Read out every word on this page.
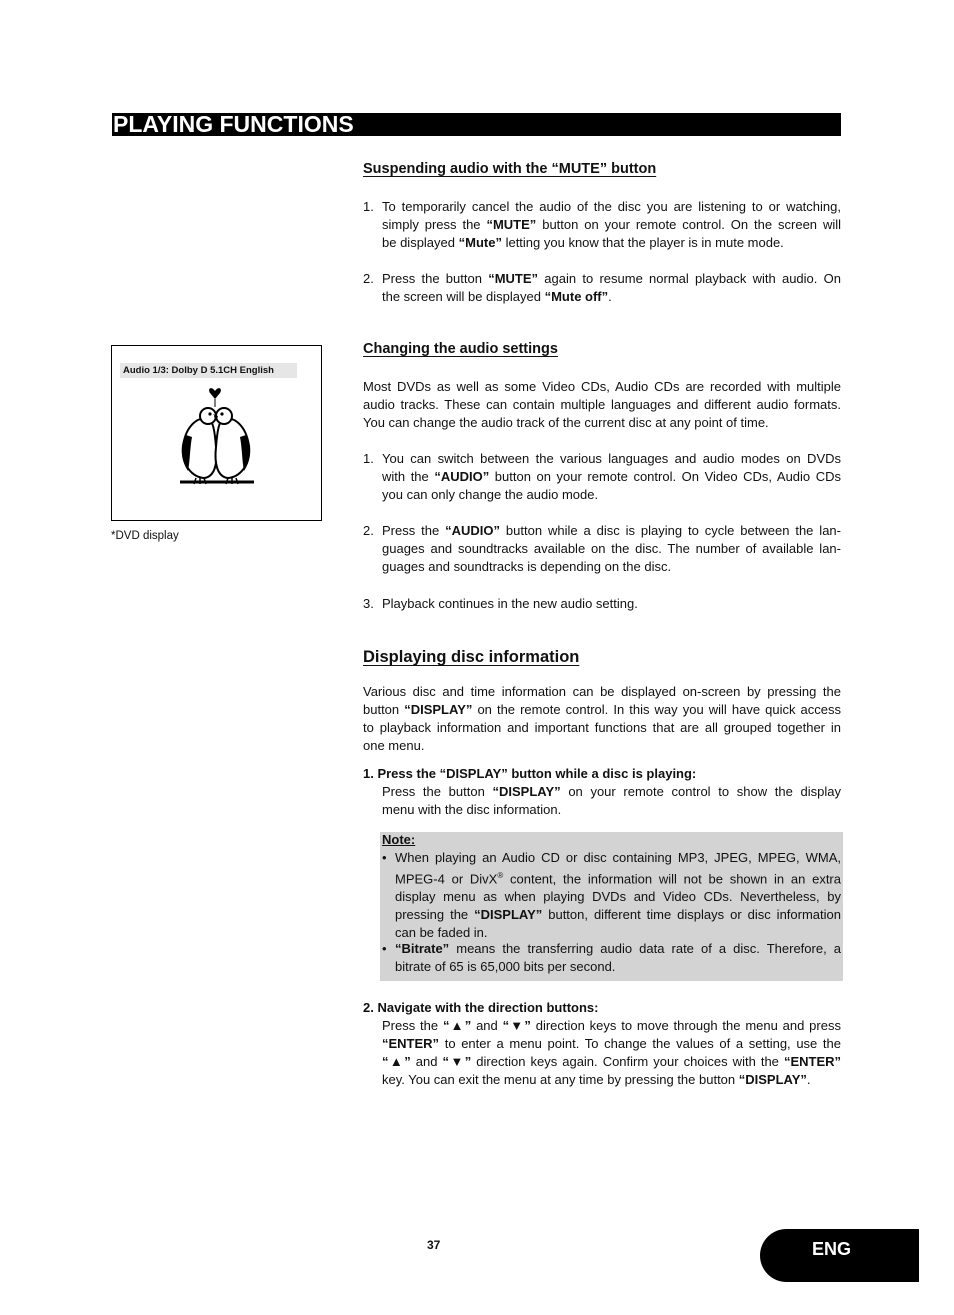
PLAYING FUNCTIONS
Suspending audio with the “MUTE” button
1. To temporarily cancel the audio of the disc you are listening to or watching,
simply press the “MUTE” button on your remote control. On the screen will
be displayed “Mute” letting you know that the player is in mute mode.
2. Press the button “MUTE” again to resume normal playback with audio. On
the screen will be displayed “Mute off”.
Audio 1/3: Dolby D 5.1CH English
*DVD display
Changing the audio settings
Most DVDs as well as some Video CDs, Audio CDs are recorded with multiple
audio tracks. These can contain multiple languages and different audio formats.
You can change the audio track of the current disc at any point of time.
1. You can switch between the various languages and audio modes on DVDs
with the “AUDIO” button on your remote control. On Video CDs, Audio CDs
you can only change the audio mode.
2. Press the “AUDIO” button while a disc is playing to cycle between the lan-
guages and soundtracks available on the disc. The number of available lan-
guages and soundtracks is depending on the disc.
3. Playback continues in the new audio setting.
Displaying disc information
Various disc and time information can be displayed on-screen by pressing the
button “DISPLAY” on the remote control. In this way you will have quick access
to playback information and important functions that are all grouped together in
one menu.
1. Press the “DISPLAY” button while a disc is playing:
Press the button “DISPLAY” on your remote control to show the display
menu with the disc information.
Note:
• When playing an Audio CD or disc containing MP3, JPEG, MPEG, WMA,
MPEG-4 or DivX® content, the information will not be shown in an extra
display menu as when playing DVDs and Video CDs. Nevertheless, by
pressing the “DISPLAY” button, different time displays or disc information
can be faded in.
• “Bitrate” means the transferring audio data rate of a disc. Therefore, a
bitrate of 65 is 65,000 bits per second.
2. Navigate with the direction buttons:
Press the “▲” and “▼” direction keys to move through the menu and press
“ENTER” to enter a menu point. To change the values of a setting, use the
“▲” and “▼” direction keys again. Confirm your choices with the “ENTER”
key. You can exit the menu at any time by pressing the button “DISPLAY”.
37	ENG
